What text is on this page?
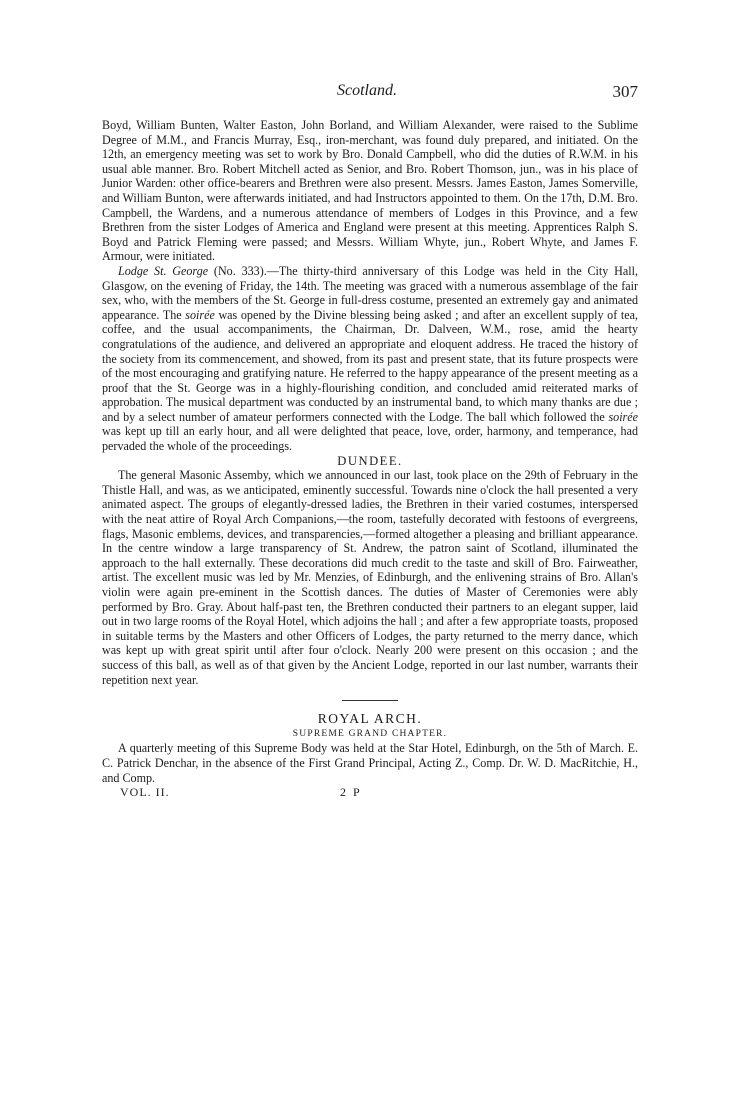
Scotland.	307

Boyd, William Bunten, Walter Easton, John Borland, and William Alexander, were raised to the Sublime Degree of M.M., and Francis Murray, Esq., iron-merchant, was found duly prepared, and initiated. On the 12th, an emergency meeting was set to work by Bro. Donald Campbell, who did the duties of R.W.M. in his usual able manner. Bro. Robert Mitchell acted as Senior, and Bro. Robert Thomson, jun., was in his place of Junior Warden: other office-bearers and Brethren were also present. Messrs. James Easton, James Somerville, and William Bunton, were afterwards initiated, and had Instructors appointed to them. On the 17th, D.M. Bro. Campbell, the Wardens, and a numerous attendance of members of Lodges in this Province, and a few Brethren from the sister Lodges of America and England were present at this meeting. Apprentices Ralph S. Boyd and Patrick Fleming were passed; and Messrs. William Whyte, jun., Robert Whyte, and James F. Armour, were initiated.

Lodge St. George (No. 333).—The thirty-third anniversary of this Lodge was held in the City Hall, Glasgow, on the evening of Friday, the 14th. The meeting was graced with a numerous assemblage of the fair sex, who, with the members of the St. George in full-dress costume, presented an extremely gay and animated appearance. The soirée was opened by the Divine blessing being asked ; and after an excellent supply of tea, coffee, and the usual accompaniments, the Chairman, Dr. Dalveen, W.M., rose, amid the hearty congratulations of the audience, and delivered an appropriate and eloquent address. He traced the history of the society from its commencement, and showed, from its past and present state, that its future prospects were of the most encouraging and gratifying nature. He referred to the happy appearance of the present meeting as a proof that the St. George was in a highly-flourishing condition, and concluded amid reiterated marks of approbation. The musical department was conducted by an instrumental band, to which many thanks are due ; and by a select number of amateur performers connected with the Lodge. The ball which followed the soirée was kept up till an early hour, and all were delighted that peace, love, order, harmony, and temperance, had pervaded the whole of the proceedings.

DUNDEE.

The general Masonic Assemby, which we announced in our last, took place on the 29th of February in the Thistle Hall, and was, as we anticipated, eminently successful. Towards nine o'clock the hall presented a very animated aspect. The groups of elegantly-dressed ladies, the Brethren in their varied costumes, interspersed with the neat attire of Royal Arch Companions,—the room, tastefully decorated with festoons of evergreens, flags, Masonic emblems, devices, and transparencies,—formed altogether a pleasing and brilliant appearance. In the centre window a large transparency of St. Andrew, the patron saint of Scotland, illuminated the approach to the hall externally. These decorations did much credit to the taste and skill of Bro. Fairweather, artist. The excellent music was led by Mr. Menzies, of Edinburgh, and the enlivening strains of Bro. Allan's violin were again pre-eminent in the Scottish dances. The duties of Master of Ceremonies were ably performed by Bro. Gray. About half-past ten, the Brethren conducted their partners to an elegant supper, laid out in two large rooms of the Royal Hotel, which adjoins the hall ; and after a few appropriate toasts, proposed in suitable terms by the Masters and other Officers of Lodges, the party returned to the merry dance, which was kept up with great spirit until after four o'clock. Nearly 200 were present on this occasion ; and the success of this ball, as well as of that given by the Ancient Lodge, reported in our last number, warrants their repetition next year.

ROYAL ARCH.

SUPREME GRAND CHAPTER.

A quarterly meeting of this Supreme Body was held at the Star Hotel, Edinburgh, on the 5th of March. E. C. Patrick Denchar, in the absence of the First Grand Principal, Acting Z., Comp. Dr. W. D. MacRitchie, H., and Comp.

VOL. II.	2 P
